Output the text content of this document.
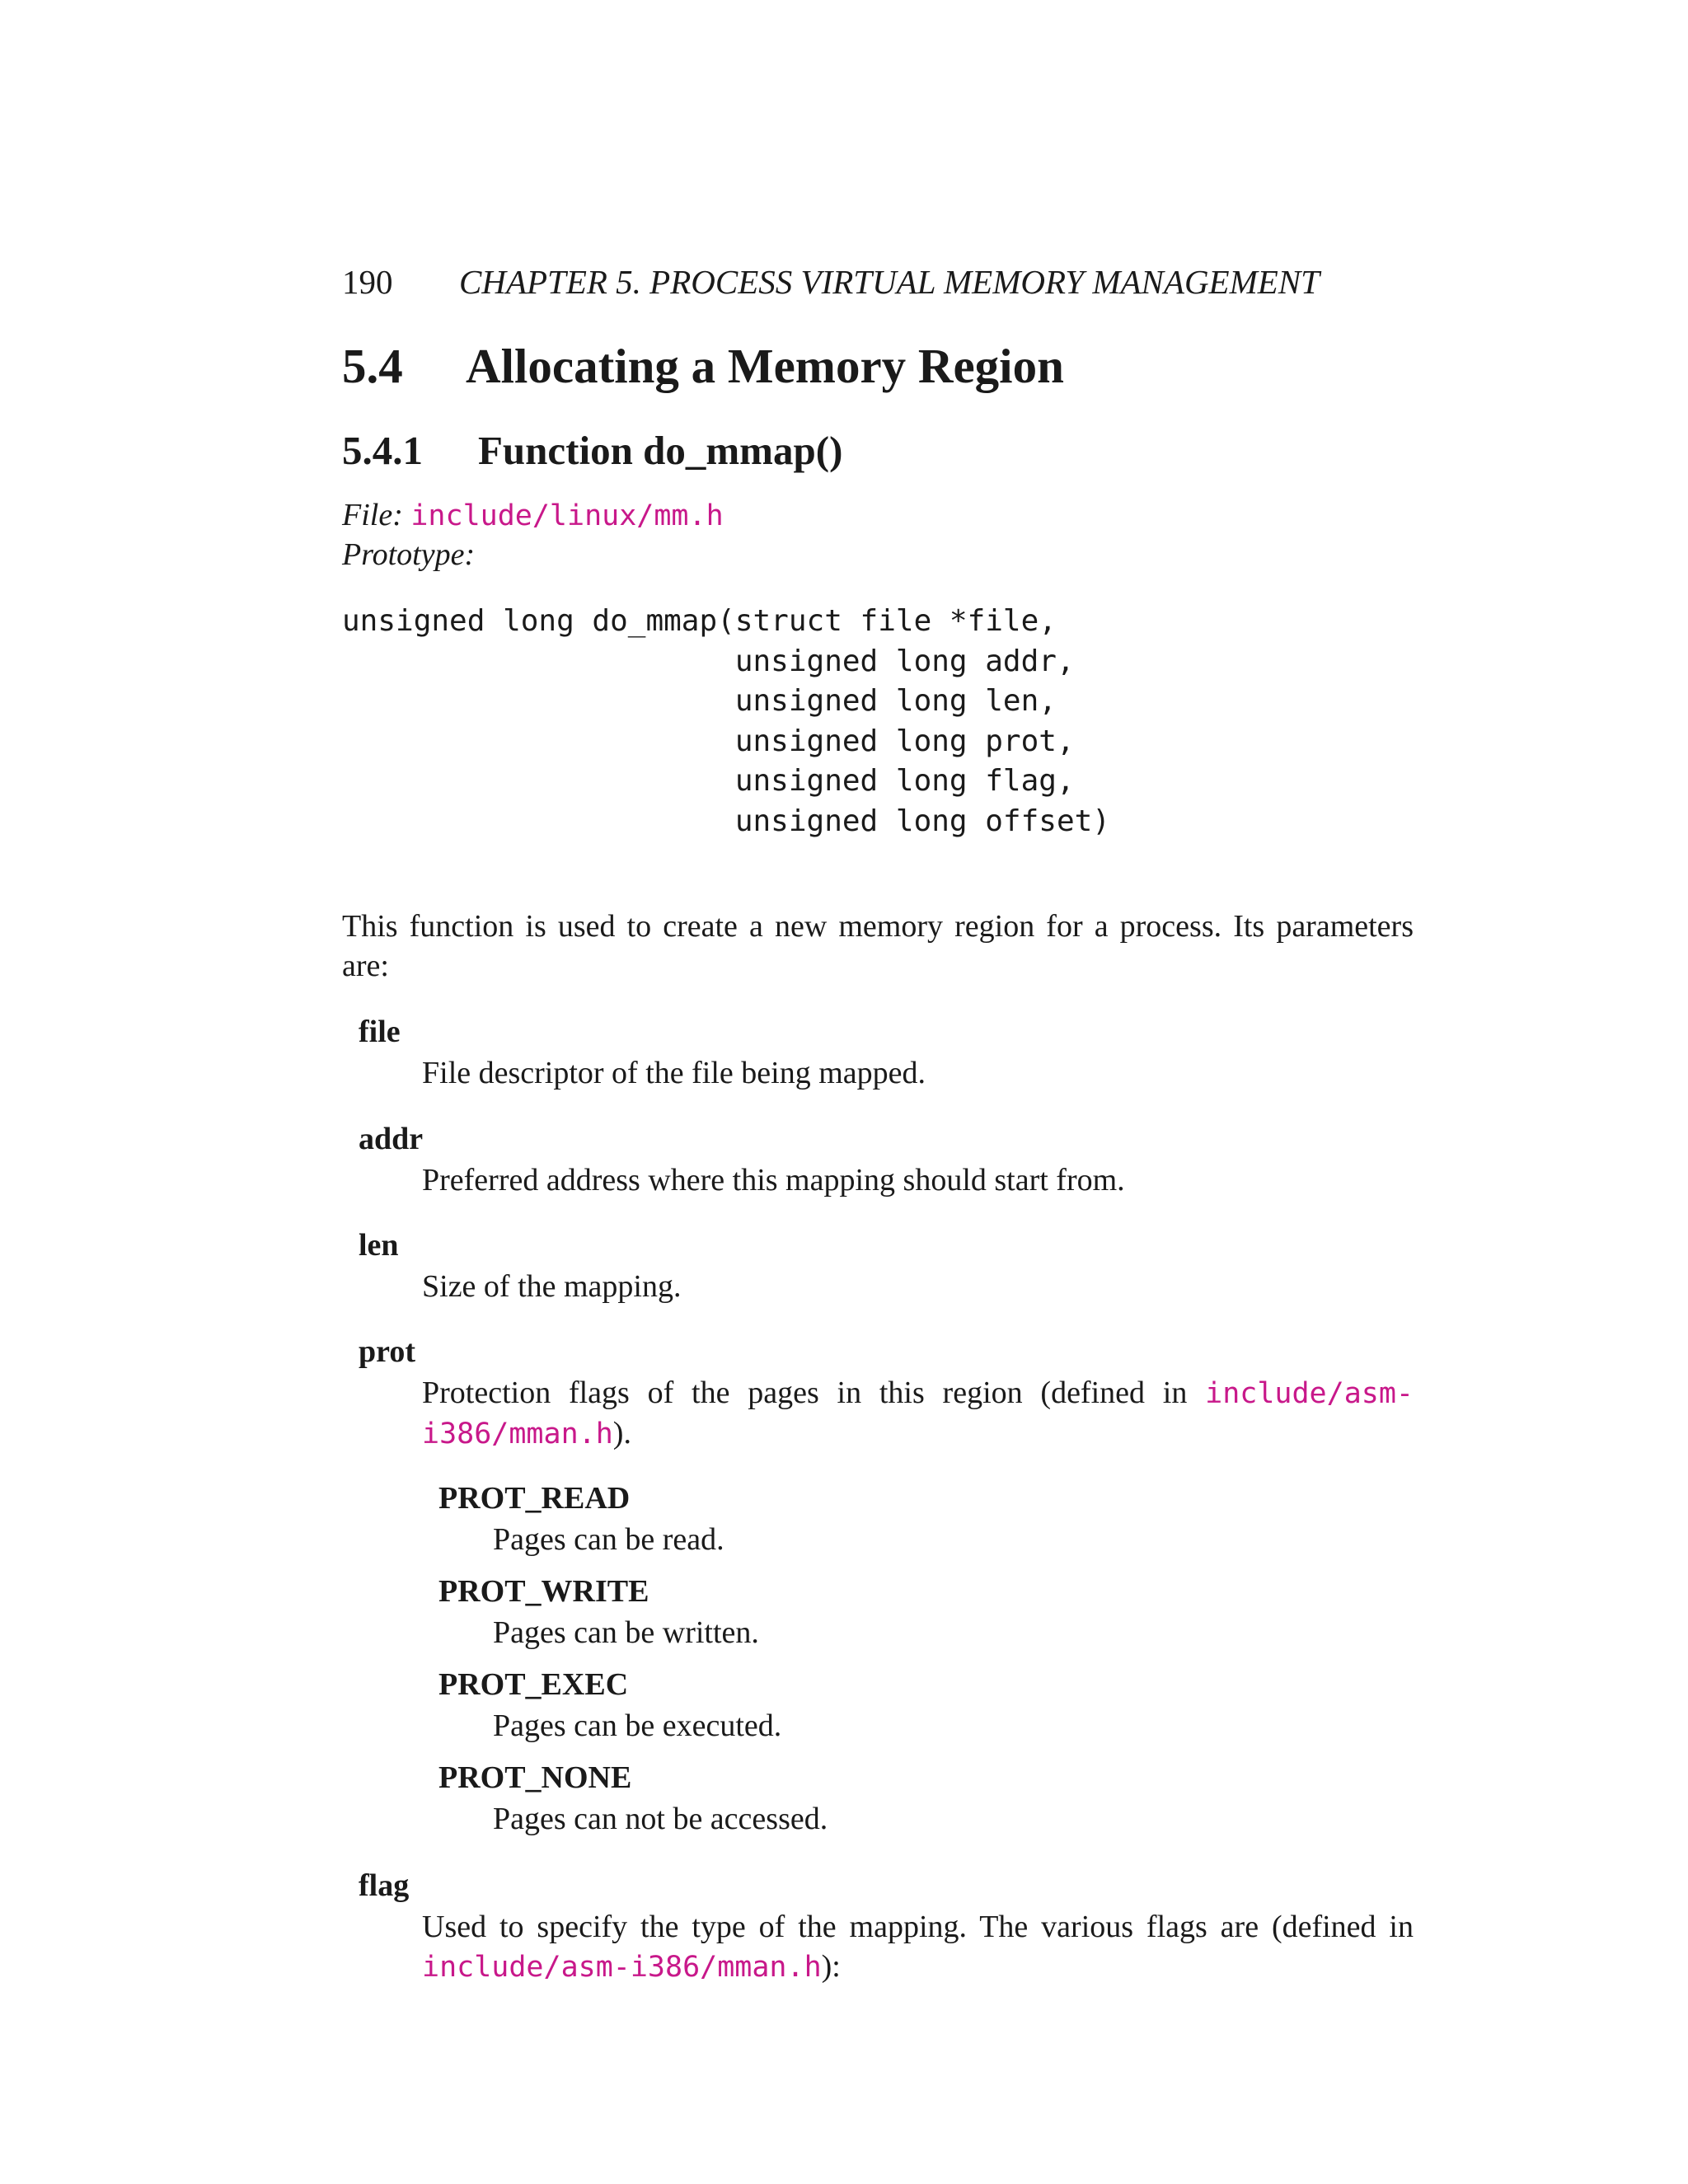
190 CHAPTER 5. PROCESS VIRTUAL MEMORY MANAGEMENT
5.4 Allocating a Memory Region
5.4.1 Function do_mmap()
File: include/linux/mm.h
Prototype:
unsigned long do_mmap(struct file *file,
unsigned long addr,
unsigned long len,
unsigned long prot,
unsigned long flag,
unsigned long offset)
This function is used to create a new memory region for a process. Its parameters are:
file
File descriptor of the file being mapped.
addr
Preferred address where this mapping should start from.
len
Size of the mapping.
prot
Protection flags of the pages in this region (defined in include/asm-i386/mman.h).
PROT_READ
Pages can be read.
PROT_WRITE
Pages can be written.
PROT_EXEC
Pages can be executed.
PROT_NONE
Pages can not be accessed.
flag
Used to specify the type of the mapping. The various flags are (defined in include/asm-i386/mman.h):
